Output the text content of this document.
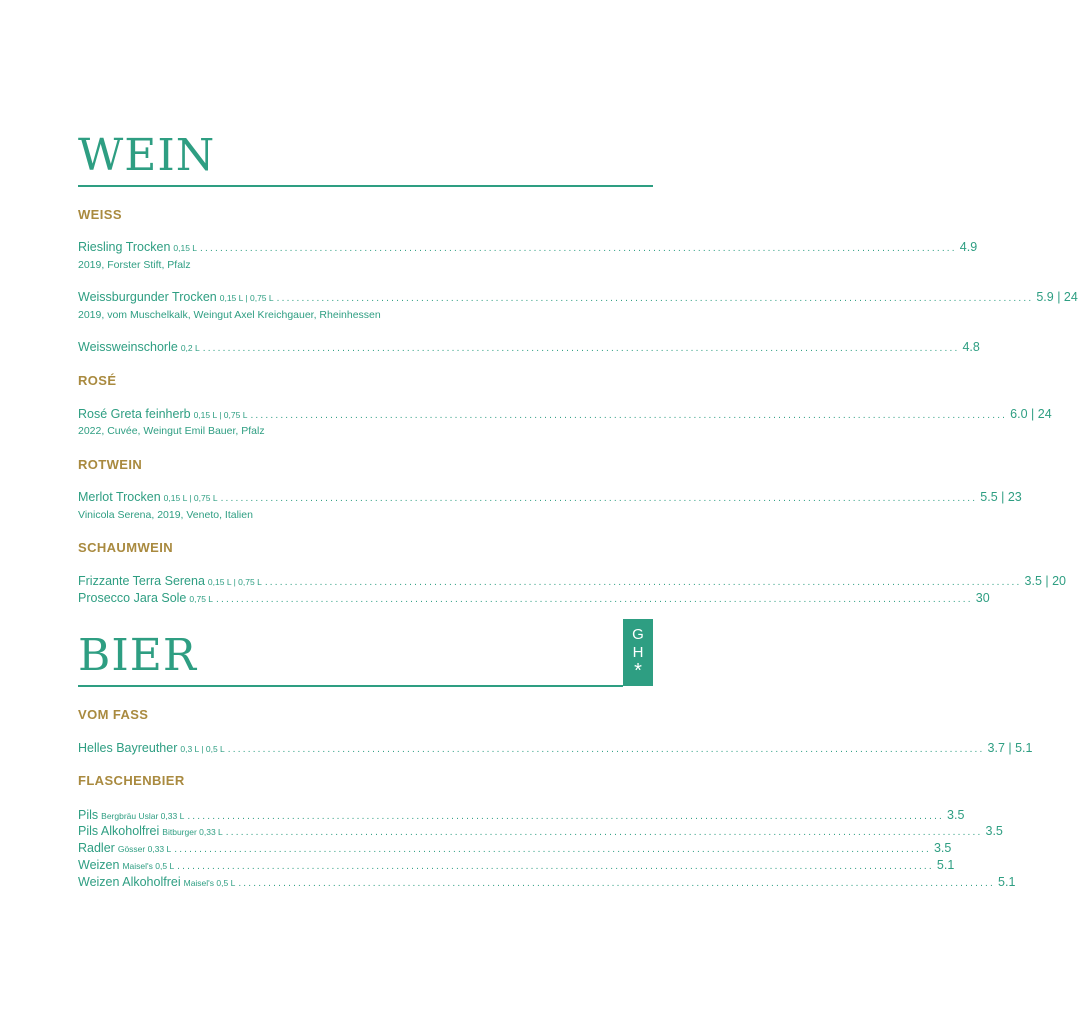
WEIN
WEISS
Riesling Trocken 0,15 L ........................................................................................................................................................ 4.9
2019, Forster Stift, Pfalz
Weissburgunder Trocken 0,15 L | 0,75 L ........................................................................................................................................................ 5.9 | 24
2019, vom Muschelkalk, Weingut Axel Kreichgauer, Rheinhessen
Weissweinschorle 0,2 L ........................................................................................................................................................ 4.8
ROSÉ
Rosé Greta feinherb 0,15 L | 0,75 L ........................................................................................................................................................ 6.0 | 24
2022, Cuvée, Weingut Emil Bauer, Pfalz
ROTWEIN
Merlot Trocken 0,15 L | 0,75 L ........................................................................................................................................................ 5.5 | 23
Vinicola Serena, 2019, Veneto, Italien
SCHAUMWEIN
Frizzante Terra Serena 0,15 L | 0,75 L ........................................................................................................................................................ 3.5 | 20
Prosecco Jara Sole 0,75 L ........................................................................................................................................................ 30
BIER	G
H
*
VOM FASS
Helles Bayreuther 0,3 L | 0,5 L ........................................................................................................................................................ 3.7 | 5.1
FLASCHENBIER
Pils Bergbräu Uslar 0,33 L ........................................................................................................................................................ 3.5
Pils Alkoholfrei Bitburger 0,33 L ........................................................................................................................................................ 3.5
Radler Gösser 0,33 L ........................................................................................................................................................ 3.5
Weizen Maisel's 0,5 L ........................................................................................................................................................ 5.1
Weizen Alkoholfrei Maisel's 0,5 L ........................................................................................................................................................ 5.1
